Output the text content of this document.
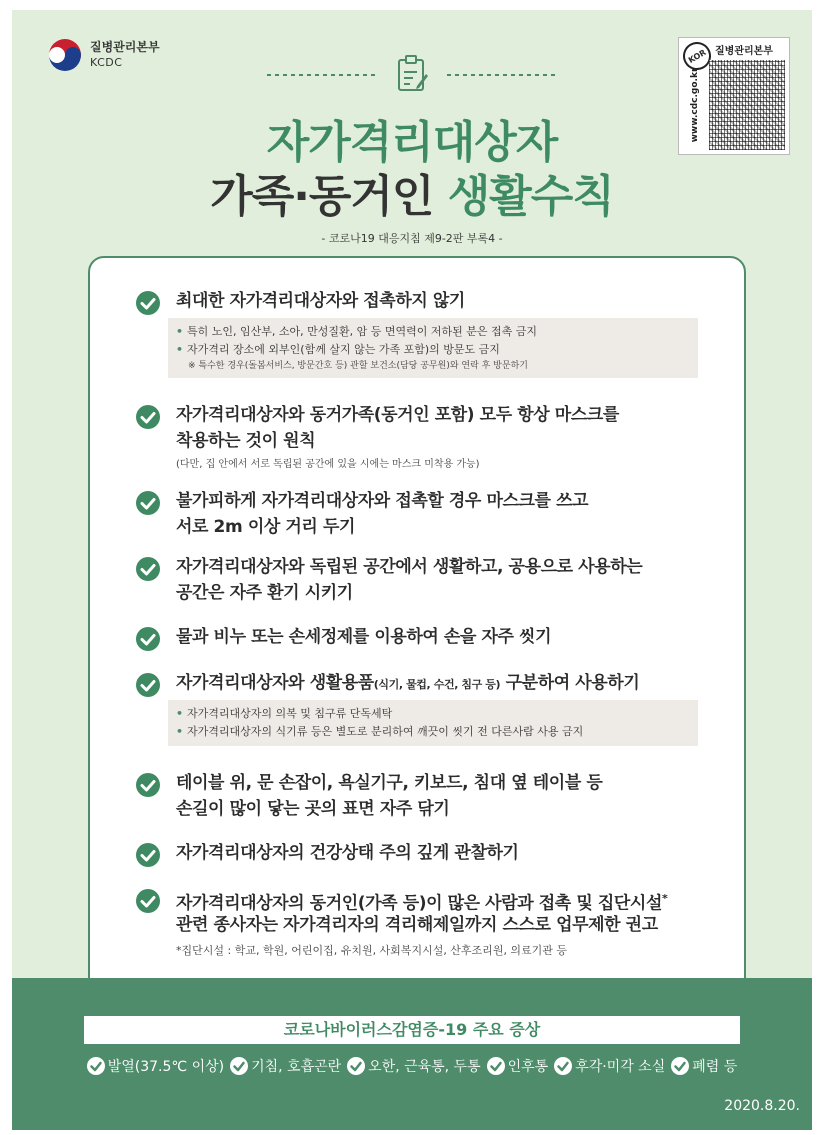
질병관리본부
KCDC	KOR 질병관리본부
www.cdc.go.kr
자가격리대상자
가족·동거인 생활수칙
- 코로나19 대응지침 제9-2판 부록4 -
최대한 자가격리대상자와 접촉하지 않기
• 특히 노인, 임산부, 소아, 만성질환, 암 등 면역력이 저하된 분은 접촉 금지
• 자가격리 장소에 외부인(함께 살지 않는 가족 포함)의 방문도 금지
※ 특수한 경우(돌봄서비스, 방문간호 등) 관할 보건소(담당 공무원)와 연락 후 방문하기
자가격리대상자와 동거가족(동거인 포함) 모두 항상 마스크를
착용하는 것이 원칙
(다만, 집 안에서 서로 독립된 공간에 있을 시에는 마스크 미착용 가능)
불가피하게 자가격리대상자와 접촉할 경우 마스크를 쓰고
서로 2m 이상 거리 두기
자가격리대상자와 독립된 공간에서 생활하고, 공용으로 사용하는
공간은 자주 환기 시키기
물과 비누 또는 손세정제를 이용하여 손을 자주 씻기
자가격리대상자와 생활용품(식기, 물컵, 수건, 침구 등) 구분하여 사용하기
• 자가격리대상자의 의복 및 침구류 단독세탁
• 자가격리대상자의 식기류 등은 별도로 분리하여 깨끗이 씻기 전 다른사람 사용 금지
테이블 위, 문 손잡이, 욕실기구, 키보드, 침대 옆 테이블 등
손길이 많이 닿는 곳의 표면 자주 닦기
자가격리대상자의 건강상태 주의 깊게 관찰하기
자가격리대상자의 동거인(가족 등)이 많은 사람과 접촉 및 집단시설*
관련 종사자는 자가격리자의 격리해제일까지 스스로 업무제한 권고
*집단시설 : 학교, 학원, 어린이집, 유치원, 사회복지시설, 산후조리원, 의료기관 등
코로나바이러스감염증-19 주요 증상
발열(37.5℃ 이상) 기침, 호흡곤란 오한, 근육통, 두통 인후통 후각·미각 소실 폐렴 등
2020.8.20.
